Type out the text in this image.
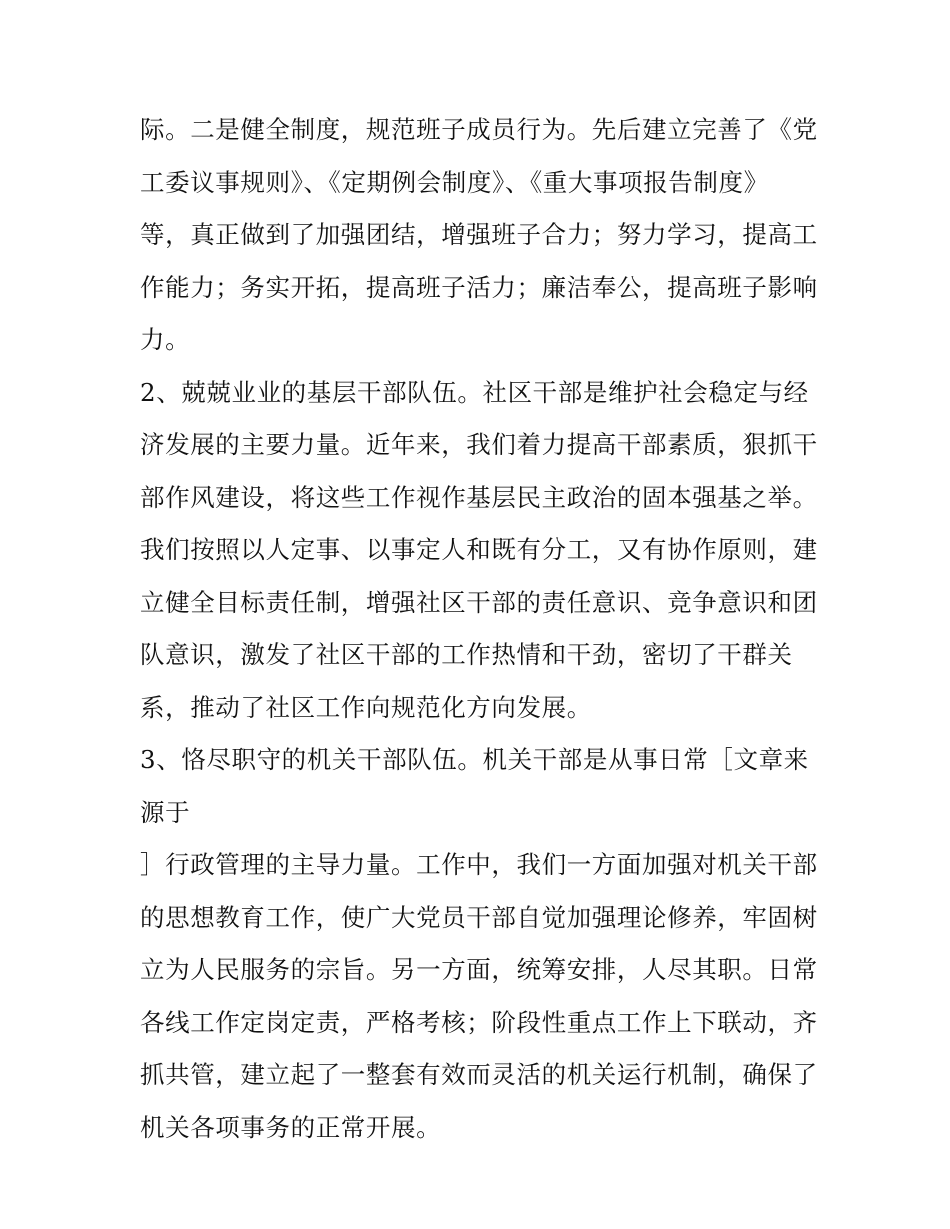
际。二是健全制度，规范班子成员行为。先后建立完善了《党
工委议事规则》、《定期例会制度》、《重大事项报告制度》
等，真正做到了加强团结，增强班子合力；努力学习，提高工
作能力；务实开拓，提高班子活力；廉洁奉公，提高班子影响
力。
2、兢兢业业的基层干部队伍。社区干部是维护社会稳定与经
济发展的主要力量。近年来，我们着力提高干部素质，狠抓干
部作风建设，将这些工作视作基层民主政治的固本强基之举。
我们按照以人定事、以事定人和既有分工，又有协作原则，建
立健全目标责任制，增强社区干部的责任意识、竞争意识和团
队意识，激发了社区干部的工作热情和干劲，密切了干群关
系，推动了社区工作向规范化方向发展。
3、恪尽职守的机关干部队伍。机关干部是从事日常［文章来
源于
］行政管理的主导力量。工作中，我们一方面加强对机关干部
的思想教育工作，使广大党员干部自觉加强理论修养，牢固树
立为人民服务的宗旨。另一方面，统筹安排，人尽其职。日常
各线工作定岗定责，严格考核；阶段性重点工作上下联动，齐
抓共管，建立起了一整套有效而灵活的机关运行机制，确保了
机关各项事务的正常开展。
